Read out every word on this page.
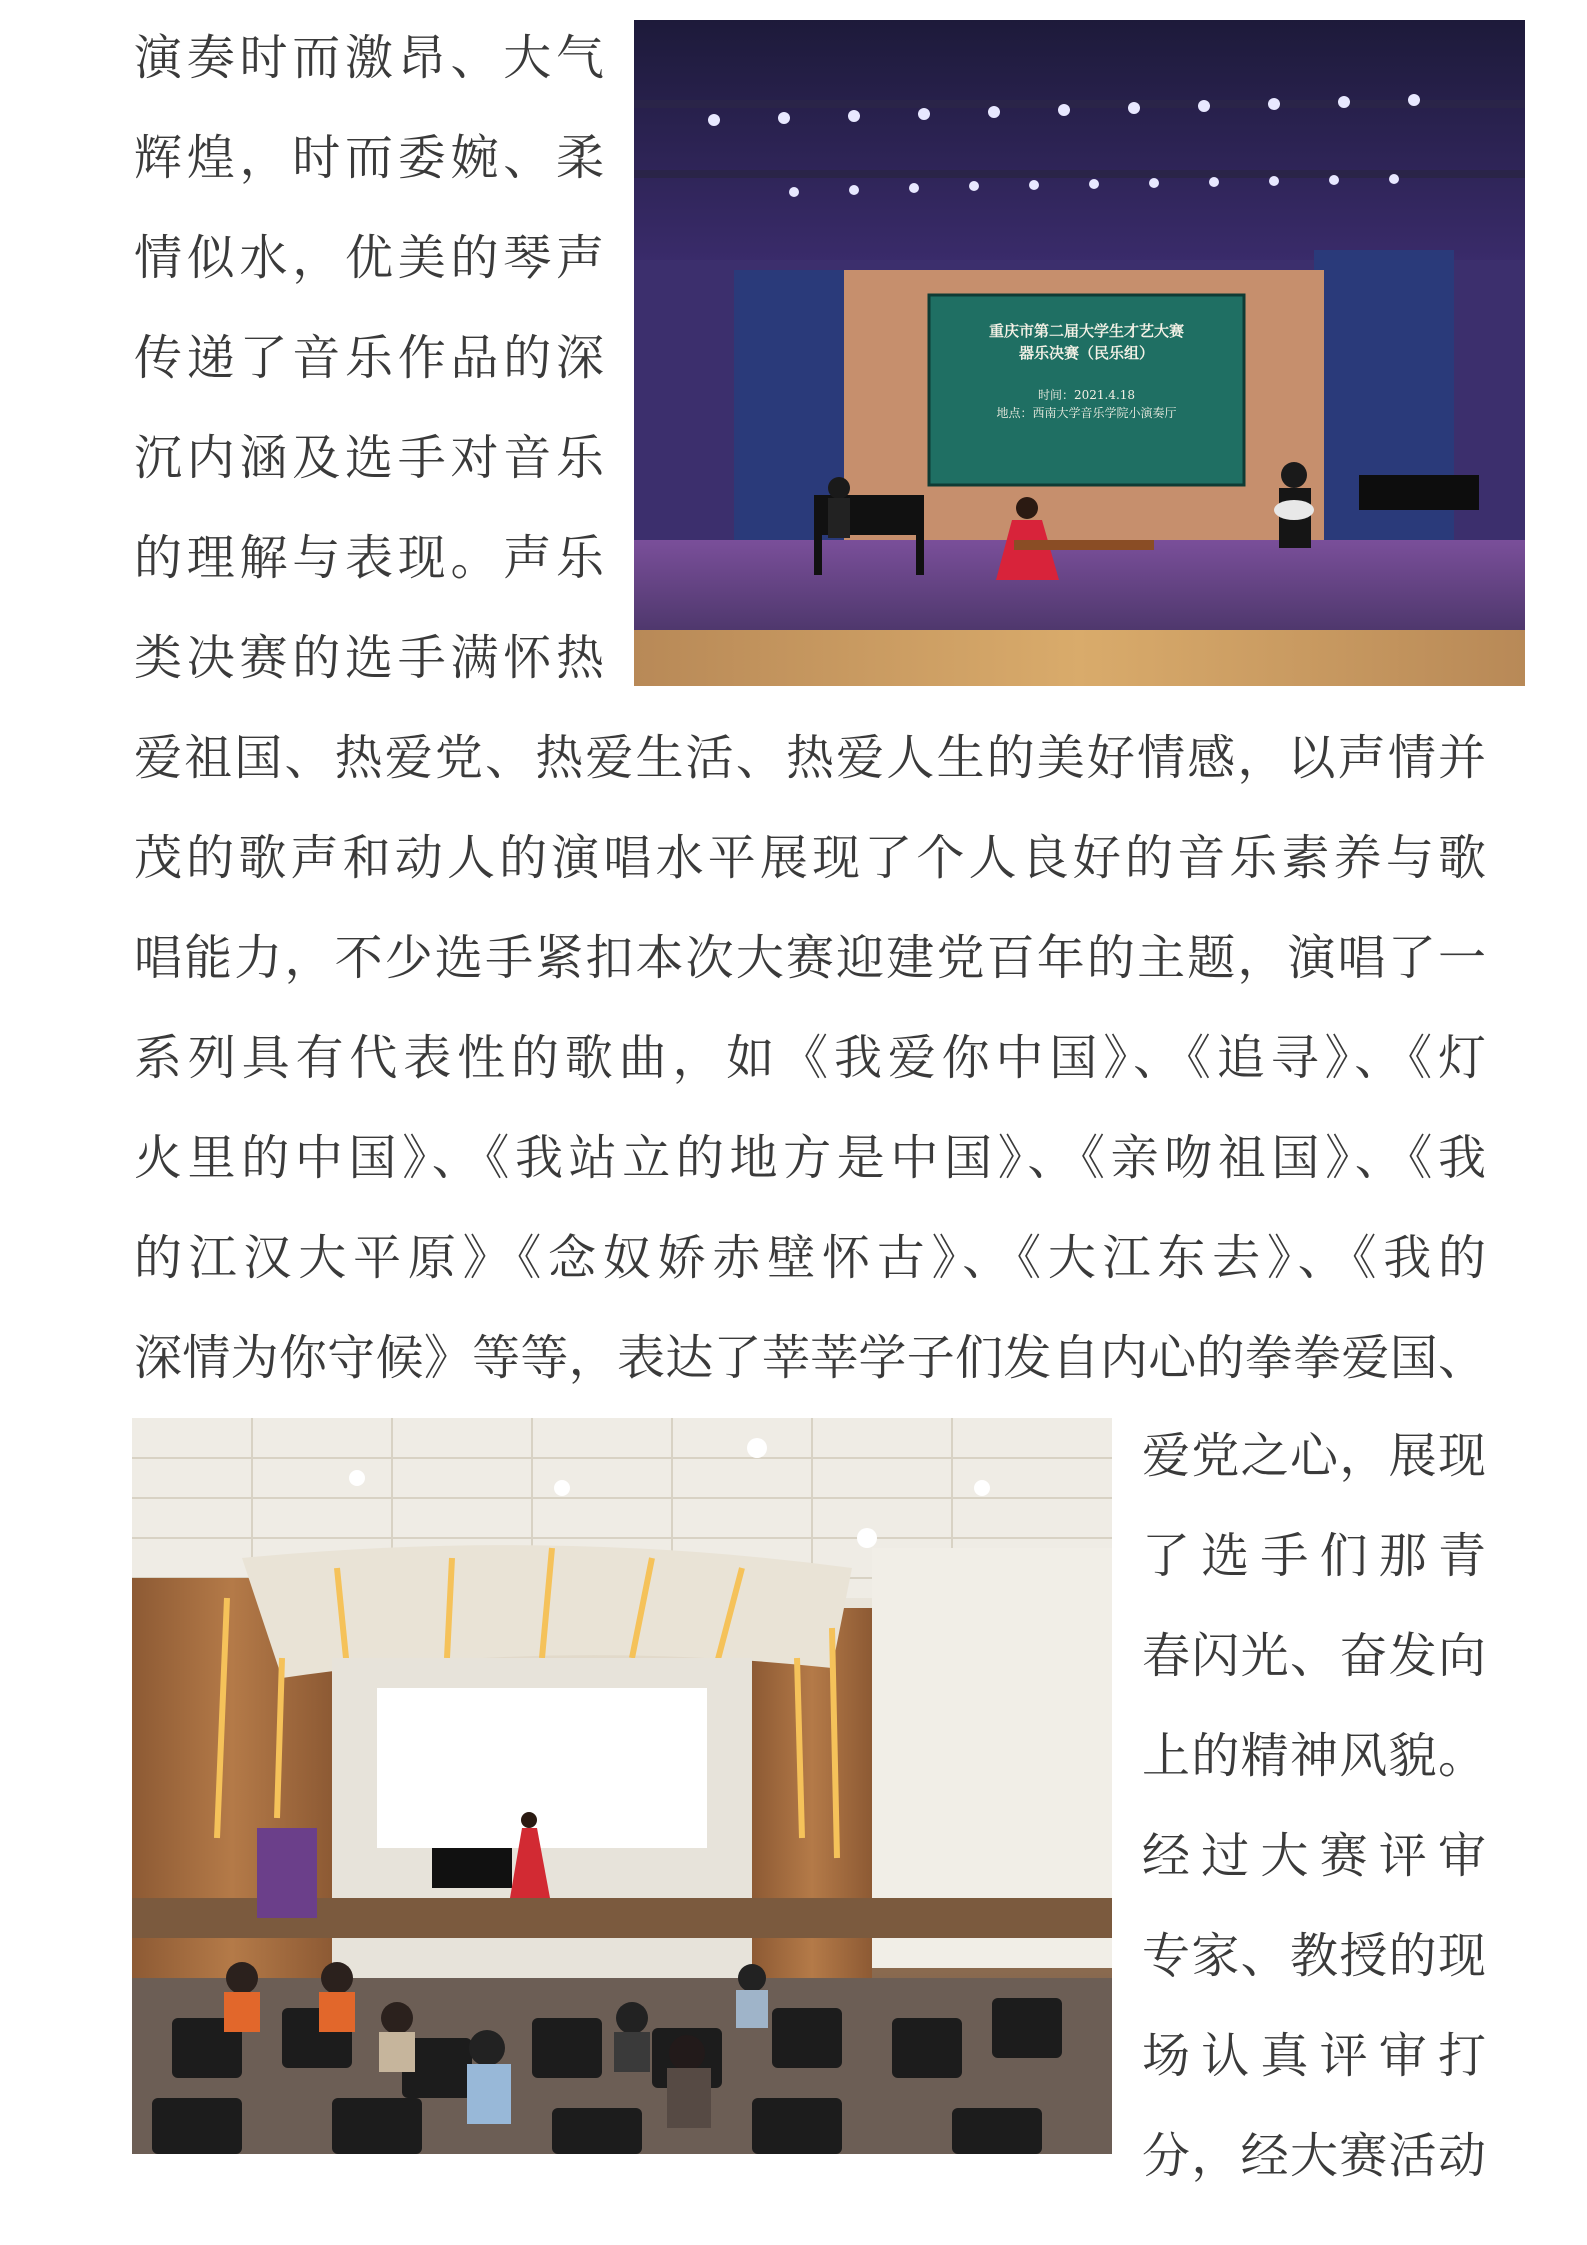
演奏时而激昂、大气
辉煌，时而委婉、柔
情似水，优美的琴声
传递了音乐作品的深
沉内涵及选手对音乐
的理解与表现。声乐
类决赛的选手满怀热
重庆市第二届大学生才艺大赛
器乐决赛（民乐组）
时间：2021.4.18
地点：西南大学音乐学院小演奏厅
爱祖国、热爱党、热爱生活、热爱人生的美好情感，以声情并
茂的歌声和动人的演唱水平展现了个人良好的音乐素养与歌
唱能力，不少选手紧扣本次大赛迎建党百年的主题，演唱了一
系列具有代表性的歌曲，如《我爱你中国》、《追寻》、《灯
火里的中国》、《我站立的地方是中国》、《亲吻祖国》、《我
的江汉大平原》《念奴娇赤壁怀古》、《大江东去》、《我的
深情为你守候》等等，表达了莘莘学子们发自内心的拳拳爱国、
爱党之心，展现
了选手们那青
春闪光、奋发向
上的精神风貌。
经过大赛评审
专家、教授的现
场认真评审打
分，经大赛活动
